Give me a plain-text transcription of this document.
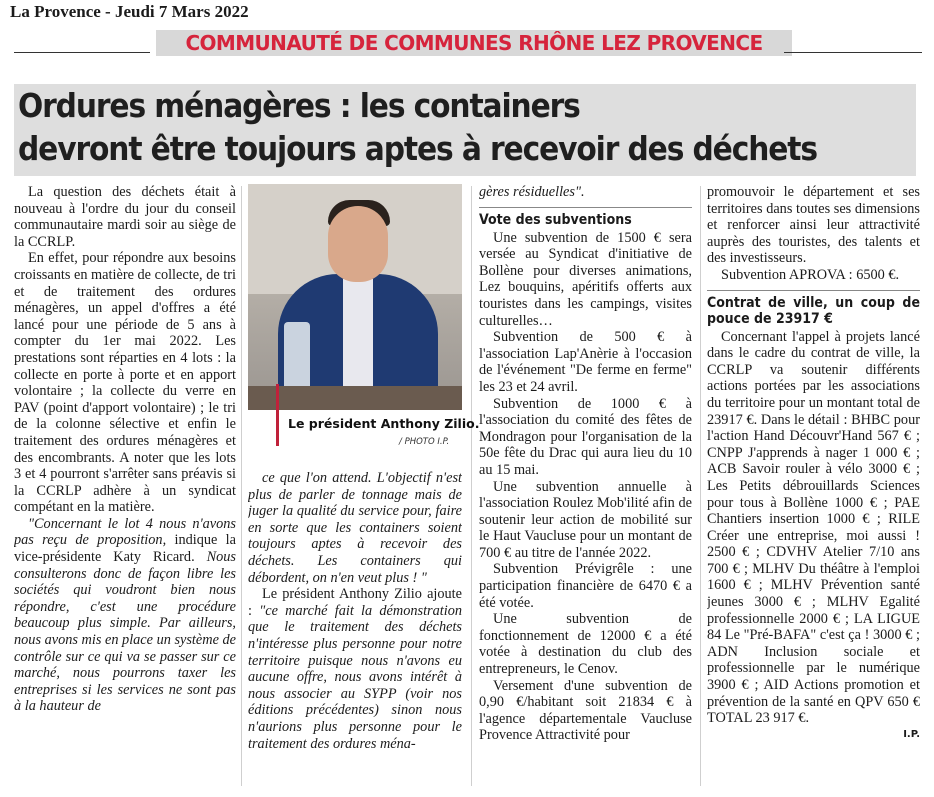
La Provence - Jeudi 7 Mars 2022
COMMUNAUTÉ DE COMMUNES RHÔNE LEZ PROVENCE
Ordures ménagères : les containers
devront être toujours aptes à recevoir des déchets

La question des déchets était à nouveau à l'ordre du jour du conseil communautaire mardi soir au siège de la CCRLP.

En effet, pour répondre aux besoins croissants en matière de collecte, de tri et de traitement des ordures ménagères, un appel d'offres a été lancé pour une période de 5 ans à compter du 1er mai 2022. Les prestations sont réparties en 4 lots : la collecte en porte à porte et en apport volontaire ; la collecte du verre en PAV (point d'apport volontaire) ; le tri de la colonne sélective et enfin le traitement des ordures ménagères et des encombrants. A noter que les lots 3 et 4 pourront s'arrêter sans préavis si la CCRLP adhère à un syndicat compétant en la matière.

"Concernant le lot 4 nous n'avons pas reçu de proposition, indique la vice-présidente Katy Ricard. Nous consulterons donc de façon libre les sociétés qui voudront bien nous répondre, c'est une procédure beaucoup plus simple. Par ailleurs, nous avons mis en place un système de contrôle sur ce qui va se passer sur ce marché, nous pourrons taxer les entreprises si les services ne sont pas à la hauteur de

Le président Anthony Zilio.
/ PHOTO I.P.

ce que l'on attend. L'objectif n'est plus de parler de tonnage mais de juger la qualité du service pour, faire en sorte que les containers soient toujours aptes à recevoir des déchets. Les containers qui débordent, on n'en veut plus ! "

Le président Anthony Zilio ajoute : "ce marché fait la démonstration que le traitement des déchets n'intéresse plus personne pour notre territoire puisque nous n'avons eu aucune offre, nous avons intérêt à nous associer au SYPP (voir nos éditions précédentes) sinon nous n'aurions plus personne pour le traitement des ordures ména-

gères résiduelles".

Vote des subventions

Une subvention de 1500 € sera versée au Syndicat d'initiative de Bollène pour diverses animations, Lez bouquins, apéritifs offerts aux touristes dans les campings, visites culturelles…

Subvention de 500 € à l'association Lap'Anèrie à l'occasion de l'événement "De ferme en ferme" les 23 et 24 avril.

Subvention de 1000 € à l'association du comité des fêtes de Mondragon pour l'organisation de la 50e fête du Drac qui aura lieu du 10 au 15 mai.

Une subvention annuelle à l'association Roulez Mob'ilité afin de soutenir leur action de mobilité sur le Haut Vaucluse pour un montant de 700 € au titre de l'année 2022.

Subvention Prévigrêle : une participation financière de 6470 € a été votée.

Une subvention de fonctionnement de 12000 € a été votée à destination du club des entrepreneurs, le Cenov.

Versement d'une subvention de 0,90 €/habitant soit 21834 € à l'agence départementale Vaucluse Provence Attractivité pour

promouvoir le département et ses territoires dans toutes ses dimensions et renforcer ainsi leur attractivité auprès des touristes, des talents et des investisseurs.

Subvention APROVA : 6500 €.

Contrat de ville, un coup de pouce de 23917 €

Concernant l'appel à projets lancé dans le cadre du contrat de ville, la CCRLP va soutenir différents actions portées par les associations du territoire pour un montant total de 23917 €. Dans le détail : BHBC pour l'action Hand Découvr'Hand 567 € ; CNPP J'apprends à nager 1 000 € ; ACB Savoir rouler à vélo 3000 € ; Les Petits débrouillards Sciences pour tous à Bollène 1000 € ; PAE Chantiers insertion 1000 € ; RILE Créer une entreprise, moi aussi ! 2500 € ; CDVHV Atelier 7/10 ans 700 € ; MLHV Du théâtre à l'emploi 1600 € ; MLHV Prévention santé jeunes 3000 € ; MLHV Egalité professionnelle 2000 € ; LA LIGUE 84 Le "Pré-BAFA" c'est ça ! 3000 € ; ADN Inclusion sociale et professionnelle par le numérique 3900 € ; AID Actions promotion et prévention de la santé en QPV 650 € TOTAL 23 917 €.

I.P.
